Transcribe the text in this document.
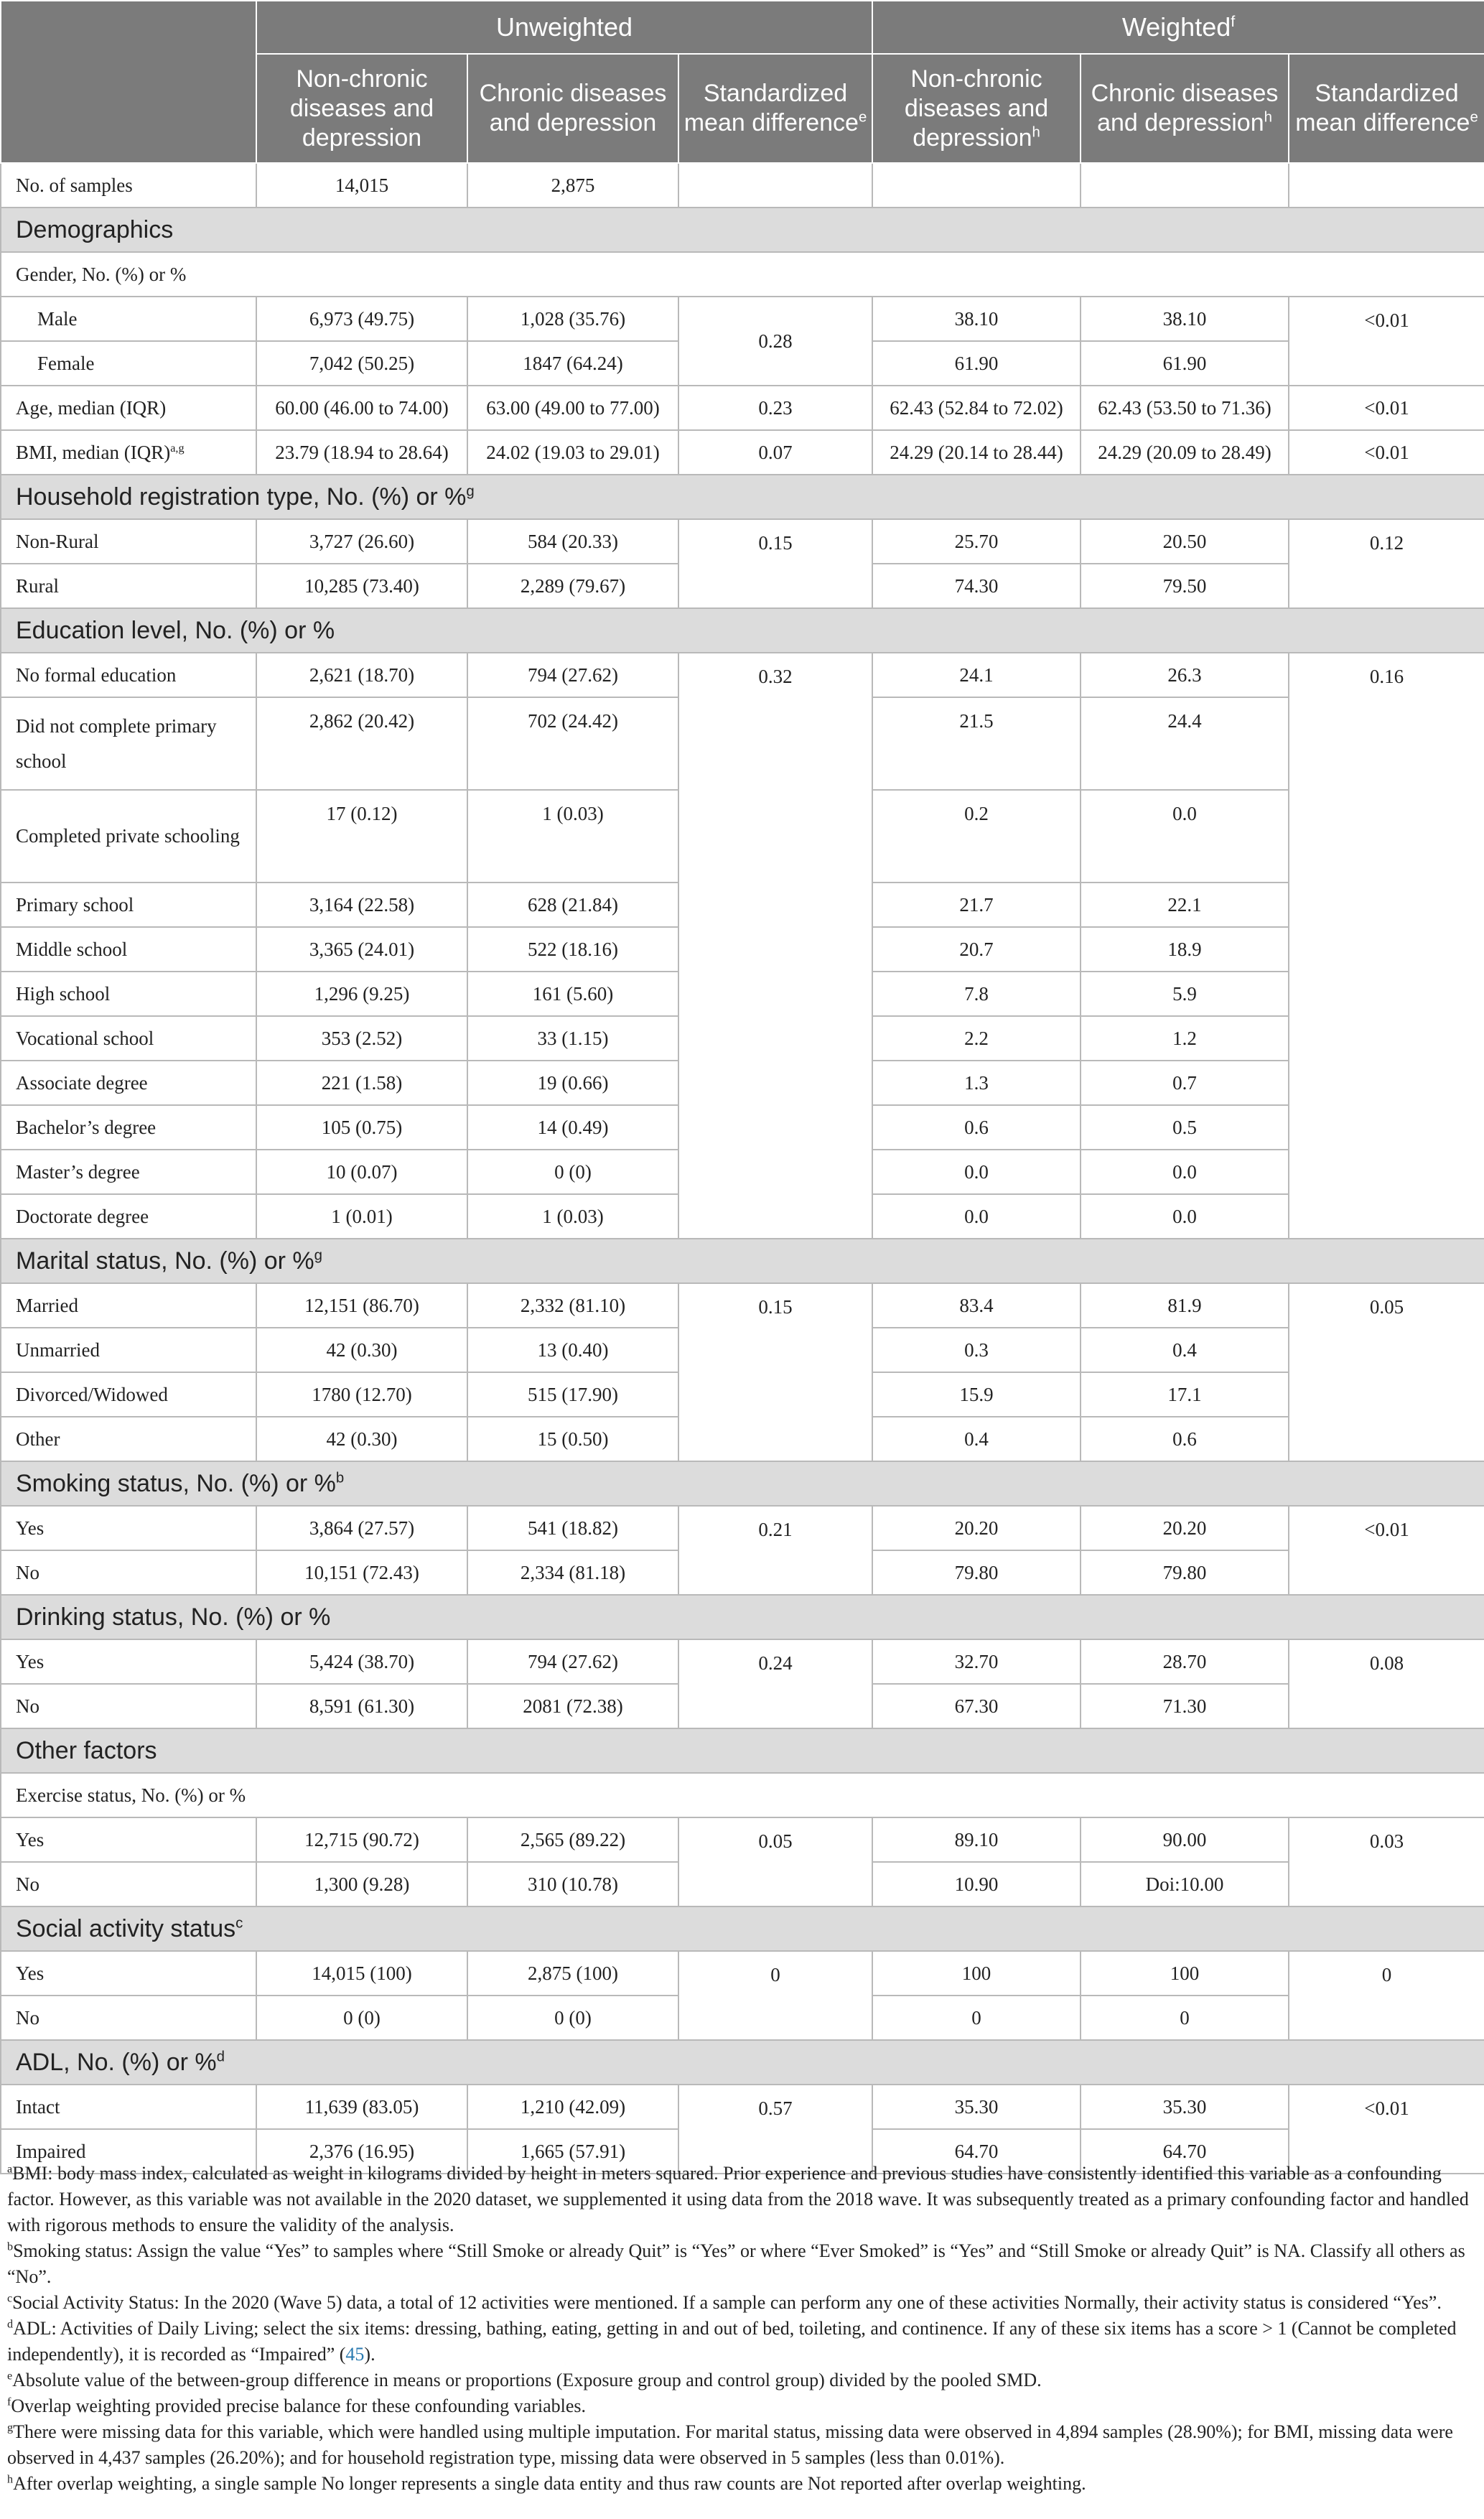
	Unweighted			Weighted$^f$
	Non-chronic diseases and depression	Chronic diseases and depression	Standardized mean difference$^e$	Non-chronic diseases and depression$^h$	Chronic diseases and depression$^h$	Standardized mean difference$^e$
No. of samples	14,015	2,875				
Demographics						
Gender, No. (%) or %						
Male	6,973 (49.75)	1,028 (35.76)	0.28	38.10	38.10	<0.01
Female	7,042 (50.25)	1847 (64.24)		61.90	61.90	
Age, median (IQR)	60.00 (46.00 to 74.00)	63.00 (49.00 to 77.00)	0.23	62.43 (52.84 to 72.02)	62.43 (53.50 to 71.36)	<0.01
BMI, median (IQR)$^{a,g}$	23.79 (18.94 to 28.64)	24.02 (19.03 to 29.01)	0.07	24.29 (20.14 to 28.44)	24.29 (20.09 to 28.49)	<0.01
Household registration type, No. (%) or %$^g$
Non-Rural	3,727 (26.60)	584 (20.33)	0.15	25.70	20.50	0.12
Rural	10,285 (73.40)	2,289 (79.67)		74.30	79.50	
Education level, No. (%) or %						
No formal education	2,621 (18.70)	794 (27.62)	0.32	24.1	26.3	0.16
Did not complete primary school	2,862 (20.42)	702 (24.42)		21.5	24.4	
Completed private schooling	17 (0.12)	1 (0.03)		0.2	0.0	
Primary school	3,164 (22.58)	628 (21.84)		21.7	22.1	
Middle school	3,365 (24.01)	522 (18.16)		20.7	18.9	
High school	1,296 (9.25)	161 (5.60)		7.8	5.9	
Vocational school	353 (2.52)	33 (1.15)		2.2	1.2	
Associate degree	221 (1.58)	19 (0.66)		1.3	0.7	
Bachelor’s degree	105 (0.75)	14 (0.49)		0.6	0.5	
Master’s degree	10 (0.07)	0 (0)		0.0	0.0	
Doctorate degree	1 (0.01)	1 (0.03)		0.0	0.0	
Marital status, No. (%) or %$^g$
Married	12,151 (86.70)	2,332 (81.10)	0.15	83.4	81.9	0.05
Unmarried	42 (0.30)	13 (0.40)		0.3	0.4	
Divorced/Widowed	1780 (12.70)	515 (17.90)		15.9	17.1	
Other	42 (0.30)	15 (0.50)		0.4	0.6	
Smoking status, No. (%) or %$^b$
Yes	3,864 (27.57)	541 (18.82)	0.21	20.20	20.20	<0.01
No	10,151 (72.43)	2,334 (81.18)		79.80	79.80	
Drinking status, No. (%) or %						
Yes	5,424 (38.70)	794 (27.62)	0.24	32.70	28.70	0.08
No	8,591 (61.30)	2081 (72.38)		67.30	71.30	
Other factors						
Exercise status, No. (%) or %						
Yes	12,715 (90.72)	2,565 (89.22)	0.05	89.10	90.00	0.03
No	1,300 (9.28)	310 (10.78)		10.90	Doi:10.00	
Social activity status$^c$
Yes	14,015 (100)	2,875 (100)	0	100	100	0
No	0 (0)	0 (0)		0	0	
ADL, No. (%) or %$^d$
Intact	11,639 (83.05)	1,210 (42.09)	0.57	35.30	35.30	<0.01
Impaired	2,376 (16.95)	1,665 (57.91)		64.70	64.70	

$^a$BMI: body mass index, calculated as weight in kilograms divided by height in meters squared. Prior experience and previous studies have consistently identified this variable as a confounding factor. However, as this variable was not available in the 2020 dataset, we supplemented it using data from the 2018 wave. It was subsequently treated as a primary confounding factor and handled with rigorous methods to ensure the validity of the analysis.

$^b$Smoking status: Assign the value “Yes” to samples where “Still Smoke or already Quit” is “Yes” or where “Ever Smoked” is “Yes” and “Still Smoke or already Quit” is NA. Classify all others as “No”.

$^c$Social Activity Status: In the 2020 (Wave 5) data, a total of 12 activities were mentioned. If a sample can perform any one of these activities Normally, their activity status is considered “Yes”.

$^d$ADL: Activities of Daily Living; select the six items: dressing, bathing, eating, getting in and out of bed, toileting, and continence. If any of these six items has a score > 1 (Cannot be completed independently), it is recorded as “Impaired” (45).

$^e$Absolute value of the between-group difference in means or proportions (Exposure group and control group) divided by the pooled SMD.

$^f$Overlap weighting provided precise balance for these confounding variables.

$^g$There were missing data for this variable, which were handled using multiple imputation. For marital status, missing data were observed in 4,894 samples (28.90%); for BMI, missing data were observed in 4,437 samples (26.20%); and for household registration type, missing data were observed in 5 samples (less than 0.01%).

$^h$After overlap weighting, a single sample No longer represents a single data entity and thus raw counts are Not reported after overlap weighting.
